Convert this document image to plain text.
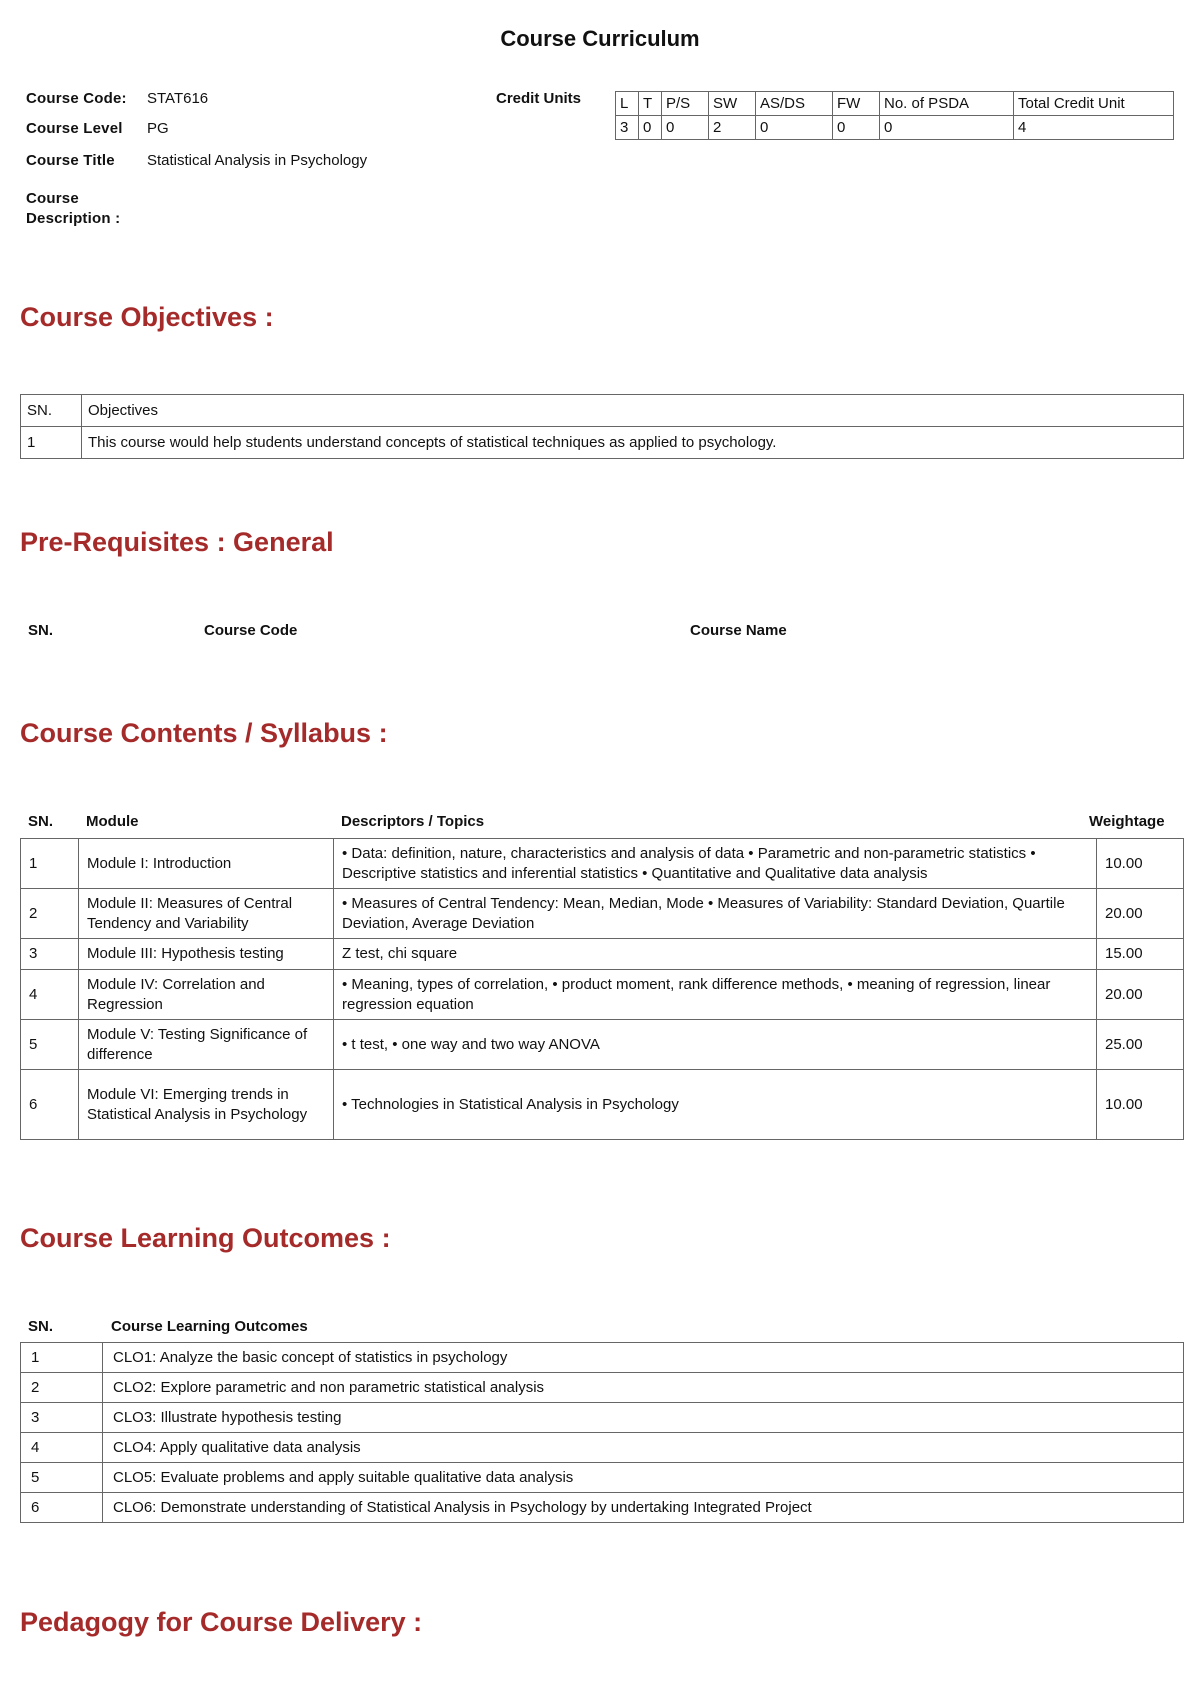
Course Curriculum
Course Code: STAT616
Course Level PG
Course Title Statistical Analysis in Psychology
Course
Description :
Credit Units	L	T	P/S	SW	AS/DS	FW	No. of PSDA	Total Credit Unit
3	0	0	2	0	0	0	4
Course Objectives :
SN.	Objectives
1	This course would help students understand concepts of statistical techniques as applied to psychology.
Pre-Requisites : General
SN.	Course Code	Course Name
Course Contents / Syllabus :
SN. Module	Descriptors / Topics	Weightage
1	Module I: Introduction	• Data: definition, nature, characteristics and analysis of data • Parametric and non-parametric statistics • Descriptive statistics and inferential statistics • Quantitative and Qualitative data analysis	10.00
2	Module II: Measures of Central Tendency and Variability	• Measures of Central Tendency: Mean, Median, Mode • Measures of Variability: Standard Deviation, Quartile Deviation, Average Deviation	20.00
3	Module III: Hypothesis testing	Z test, chi square	15.00
4	Module IV: Correlation and Regression	• Meaning, types of correlation, • product moment, rank difference methods, • meaning of regression, linear regression equation	20.00
5	Module V: Testing Significance of difference	• t test, • one way and two way ANOVA	25.00
6	Module VI: Emerging trends in Statistical Analysis in Psychology	• Technologies in Statistical Analysis in Psychology	10.00
Course Learning Outcomes :
SN.	Course Learning Outcomes
1	CLO1: Analyze the basic concept of statistics in psychology
2	CLO2: Explore parametric and non parametric statistical analysis
3	CLO3: Illustrate hypothesis testing
4	CLO4: Apply qualitative data analysis
5	CLO5: Evaluate problems and apply suitable qualitative data analysis
6	CLO6: Demonstrate understanding of Statistical Analysis in Psychology by undertaking Integrated Project
Pedagogy for Course Delivery :
